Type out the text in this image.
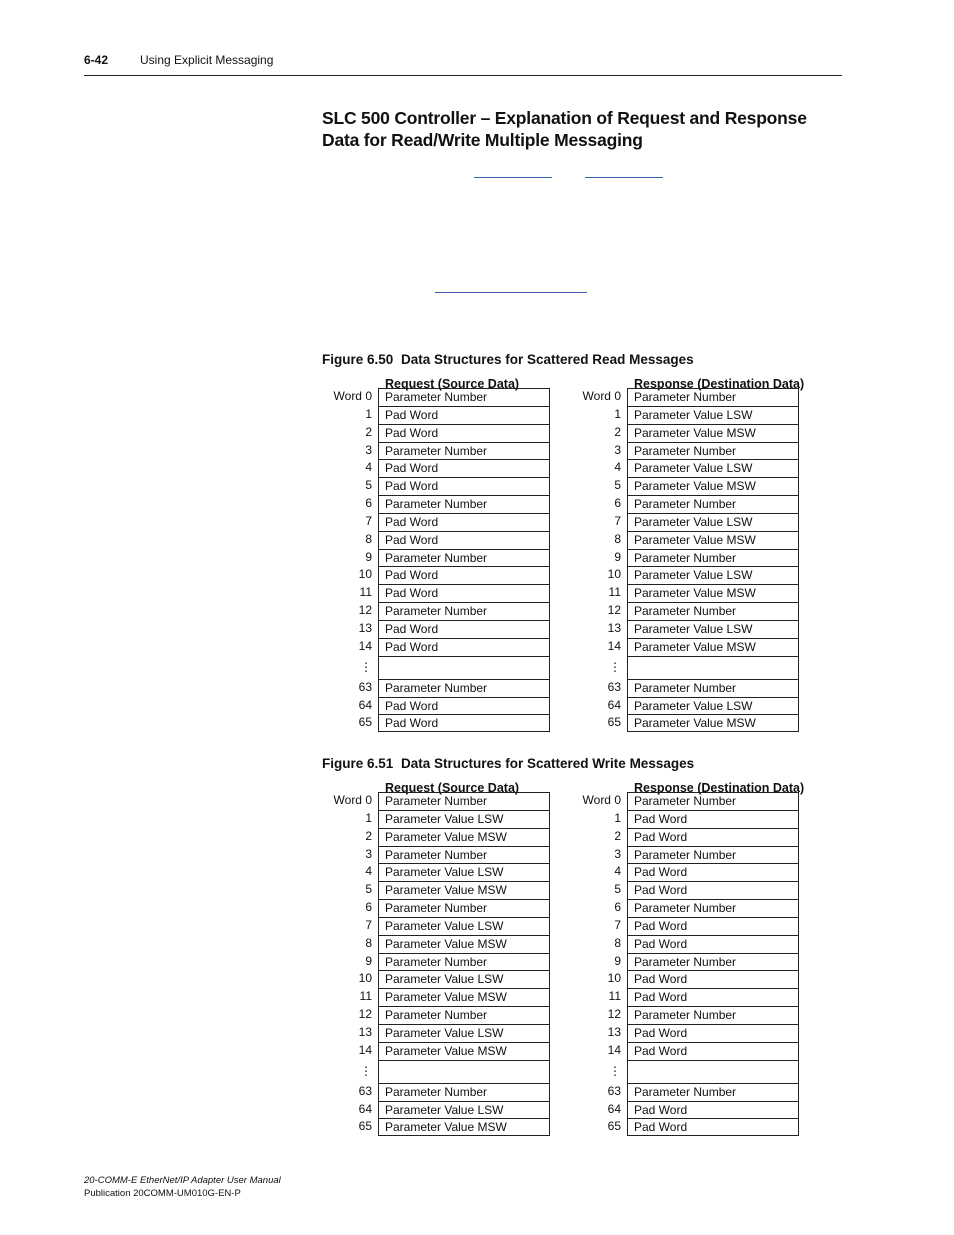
6-42	Using Explicit Messaging
SLC 500 Controller – Explanation of Request and Response Data for Read/Write Multiple Messaging
Figure 6.50 Data Structures for Scattered Read Messages
Request (Source Data)
Word 0	Parameter Number
1	Pad Word
2	Pad Word
3	Parameter Number
4	Pad Word
5	Pad Word
6	Parameter Number
7	Pad Word
8	Pad Word
9	Parameter Number
10	Pad Word
11	Pad Word
12	Parameter Number
13	Pad Word
14	Pad Word
⋮
63	Parameter Number
64	Pad Word
65	Pad Word
Response (Destination Data)
Word 0	Parameter Number
1	Parameter Value LSW
2	Parameter Value MSW
3	Parameter Number
4	Parameter Value LSW
5	Parameter Value MSW
6	Parameter Number
7	Parameter Value LSW
8	Parameter Value MSW
9	Parameter Number
10	Parameter Value LSW
11	Parameter Value MSW
12	Parameter Number
13	Parameter Value LSW
14	Parameter Value MSW
⋮
63	Parameter Number
64	Parameter Value LSW
65	Parameter Value MSW
Figure 6.51 Data Structures for Scattered Write Messages
Request (Source Data)
Word 0	Parameter Number
1	Parameter Value LSW
2	Parameter Value MSW
3	Parameter Number
4	Parameter Value LSW
5	Parameter Value MSW
6	Parameter Number
7	Parameter Value LSW
8	Parameter Value MSW
9	Parameter Number
10	Parameter Value LSW
11	Parameter Value MSW
12	Parameter Number
13	Parameter Value LSW
14	Parameter Value MSW
⋮
63	Parameter Number
64	Parameter Value LSW
65	Parameter Value MSW
Response (Destination Data)
Word 0	Parameter Number
1	Pad Word
2	Pad Word
3	Parameter Number
4	Pad Word
5	Pad Word
6	Parameter Number
7	Pad Word
8	Pad Word
9	Parameter Number
10	Pad Word
11	Pad Word
12	Parameter Number
13	Pad Word
14	Pad Word
⋮
63	Parameter Number
64	Pad Word
65	Pad Word
20-COMM-E EtherNet/IP Adapter User Manual
Publication 20COMM-UM010G-EN-P
